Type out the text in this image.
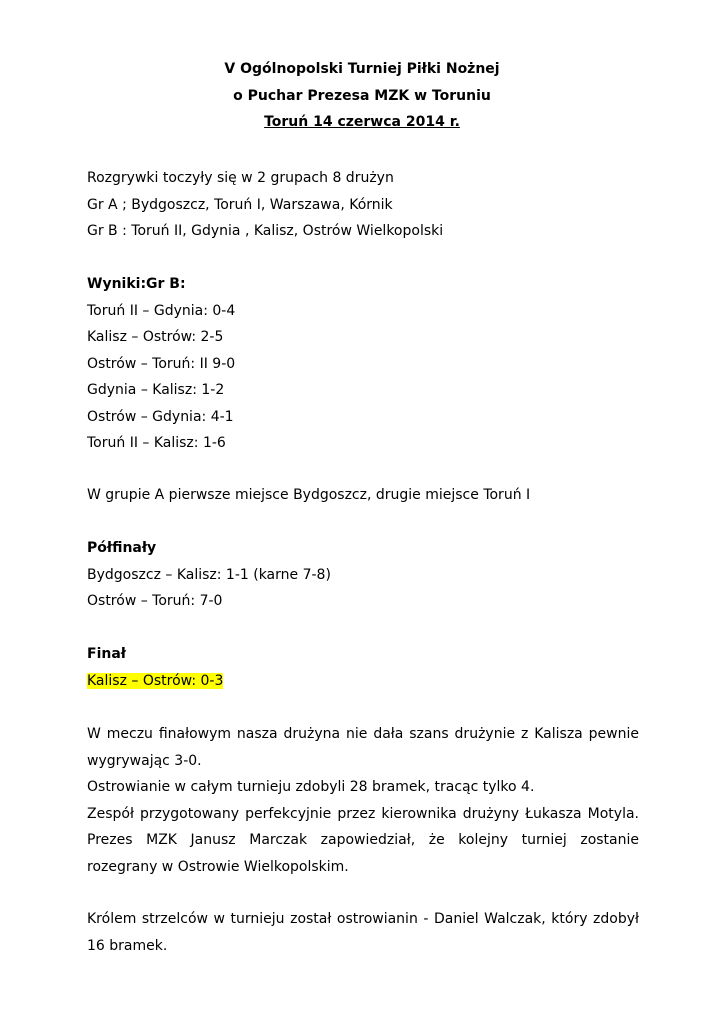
V Ogólnopolski Turniej Piłki Nożnej

o Puchar Prezesa MZK w Toruniu

Toruń 14 czerwca 2014 r.

Rozgrywki toczyły się w 2 grupach 8 drużyn

Gr A ; Bydgoszcz, Toruń I, Warszawa, Kórnik

Gr B : Toruń II, Gdynia , Kalisz, Ostrów Wielkopolski

Wyniki:Gr B:

Toruń II – Gdynia: 0-4

Kalisz – Ostrów: 2-5

Ostrów – Toruń: II 9-0

Gdynia – Kalisz: 1-2

Ostrów – Gdynia: 4-1

Toruń II – Kalisz: 1-6

W grupie A pierwsze miejsce Bydgoszcz, drugie miejsce Toruń I

Półfinały

Bydgoszcz – Kalisz: 1-1 (karne 7-8)

Ostrów – Toruń: 7-0

Finał

Kalisz – Ostrów: 0-3

W meczu finałowym nasza drużyna nie dała szans drużynie z Kalisza pewnie wygrywając 3-0.

Ostrowianie w całym turnieju zdobyli 28 bramek, tracąc tylko 4.

Zespół przygotowany perfekcyjnie przez kierownika drużyny Łukasza Motyla. Prezes MZK Janusz Marczak zapowiedział, że kolejny turniej zostanie rozegrany w Ostrowie Wielkopolskim.

Królem strzelców w turnieju został ostrowianin - Daniel Walczak, który zdobył 16 bramek.
